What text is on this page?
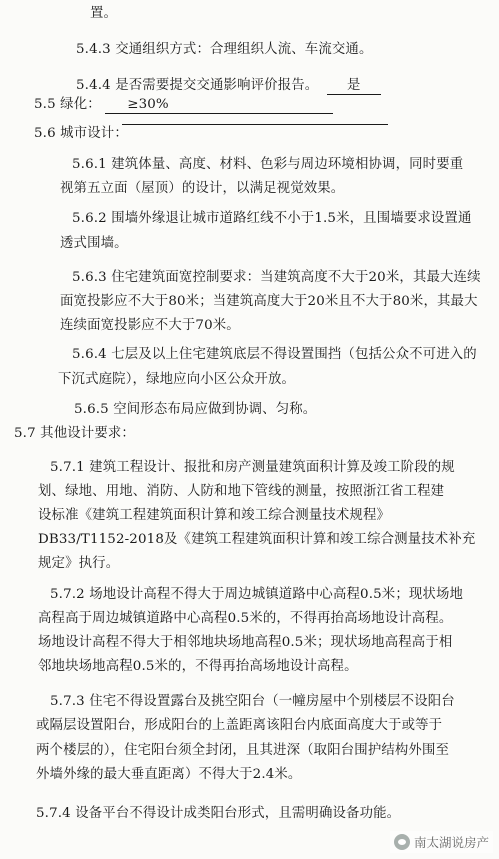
置。
5.4.3 交通组织方式：合理组织人流、车流交通。
5.4.4 是否需要提交交通影响评价报告。 是
5.5 绿化： ≥30%
5.6 城市设计：
5.6.1 建筑体量、高度、材料、色彩与周边环境相协调，同时要重
视第五立面（屋顶）的设计，以满足视觉效果。
5.6.2 围墙外缘退让城市道路红线不小于1.5米，且围墙要求设置通
透式围墙。
5.6.3 住宅建筑面宽控制要求：当建筑高度不大于20米，其最大连续
面宽投影应不大于80米；当建筑高度大于20米且不大于80米，其最大
连续面宽投影应不大于70米。
5.6.4 七层及以上住宅建筑底层不得设置围挡（包括公众不可进入的
下沉式庭院），绿地应向小区公众开放。
5.6.5 空间形态布局应做到协调、匀称。
5.7 其他设计要求：
5.7.1 建筑工程设计、报批和房产测量建筑面积计算及竣工阶段的规
划、绿地、用地、消防、人防和地下管线的测量，按照浙江省工程建
设标准《建筑工程建筑面积计算和竣工综合测量技术规程》
DB33/T1152-2018及《建筑工程建筑面积计算和竣工综合测量技术补充
规定》执行。
5.7.2 场地设计高程不得大于周边城镇道路中心高程0.5米；现状场地
高程高于周边城镇道路中心高程0.5米的，不得再抬高场地设计高程。
场地设计高程不得大于相邻地块场地高程0.5米；现状场地高程高于相
邻地块场地高程0.5米的，不得再抬高场地设计高程。
5.7.3 住宅不得设置露台及挑空阳台（一幢房屋中个别楼层不设阳台
或隔层设置阳台，形成阳台的上盖距离该阳台内底面高度大于或等于
两个楼层的），住宅阳台须全封闭，且其进深（取阳台围护结构外围至
外墙外缘的最大垂直距离）不得大于2.4米。
5.7.4 设备平台不得设计成类阳台形式，且需明确设备功能。
南太湖说房产
